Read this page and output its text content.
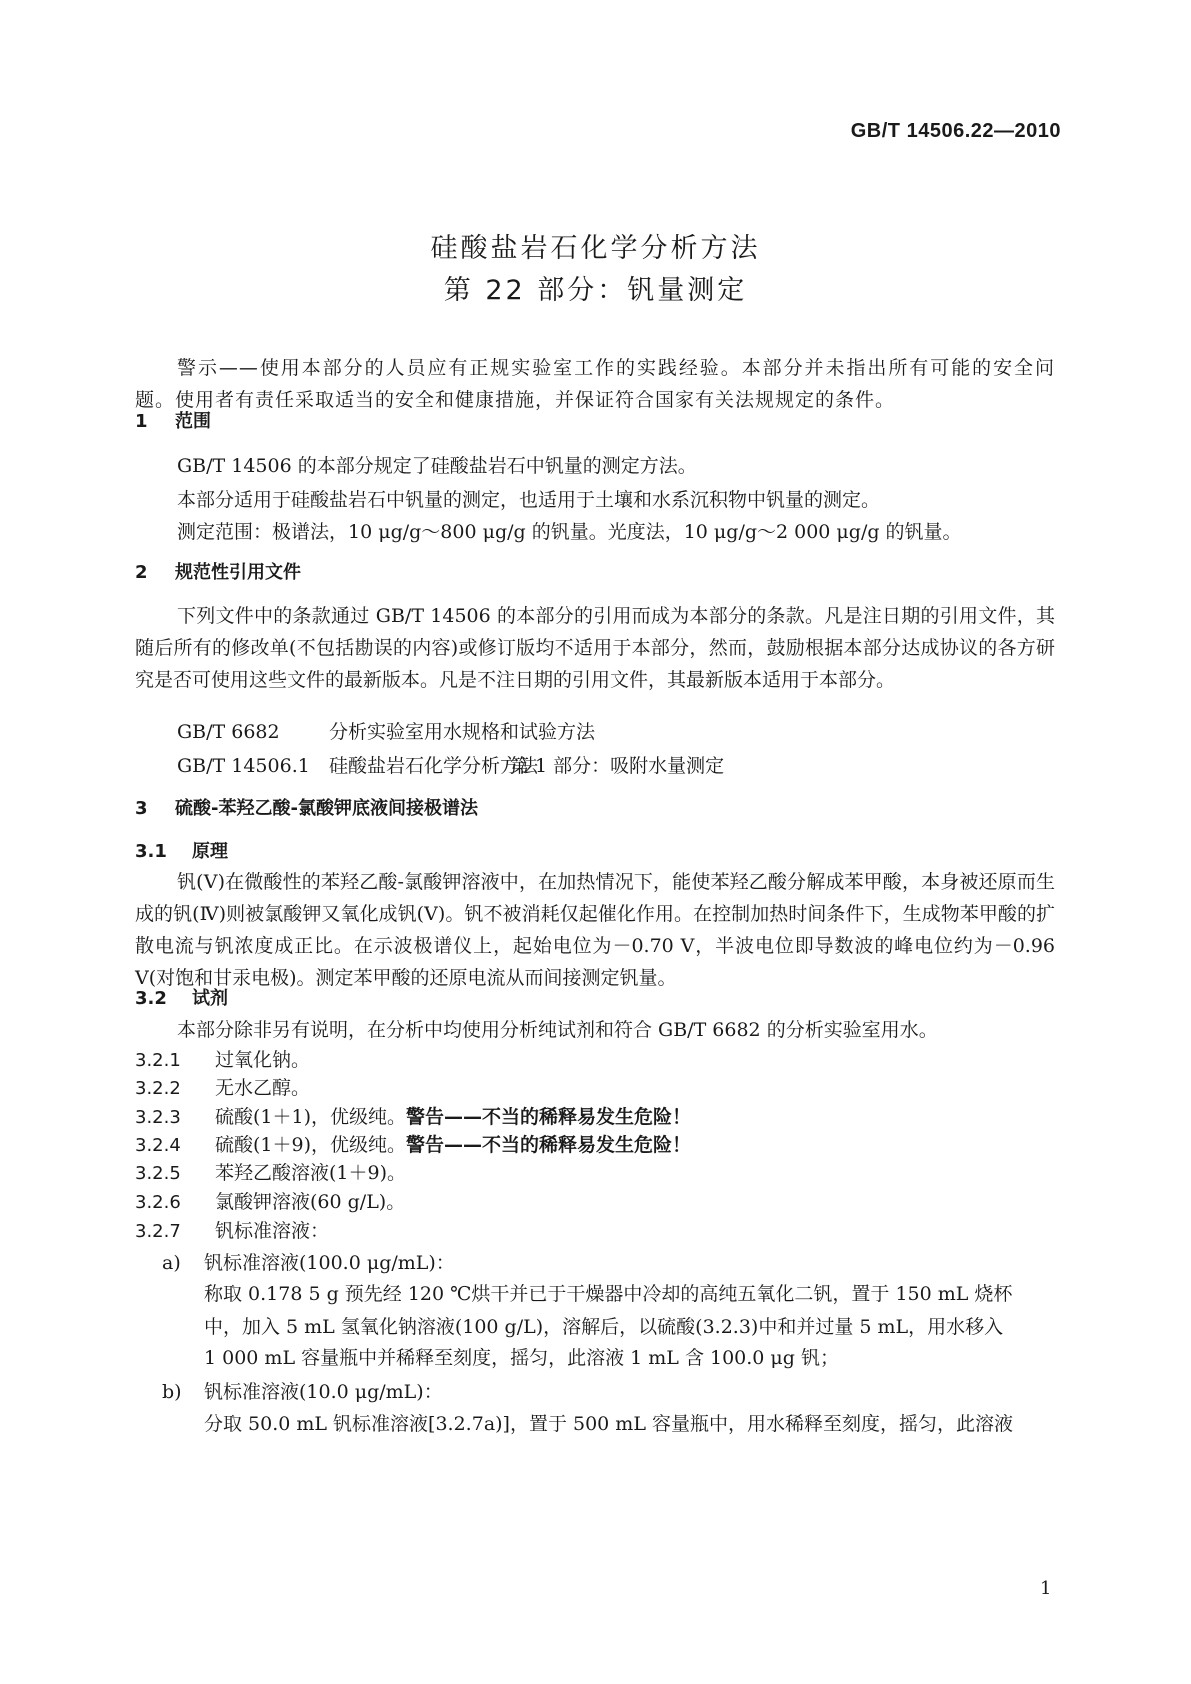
GB/T 14506.22—2010
硅酸盐岩石化学分析方法
第 22 部分：钒量测定
警示——使用本部分的人员应有正规实验室工作的实践经验。本部分并未指出所有可能的安全问题。使用者有责任采取适当的安全和健康措施，并保证符合国家有关法规规定的条件。
1 范围
GB/T 14506 的本部分规定了硅酸盐岩石中钒量的测定方法。
本部分适用于硅酸盐岩石中钒量的测定，也适用于土壤和水系沉积物中钒量的测定。
测定范围：极谱法，10 μg/g～800 μg/g 的钒量。光度法，10 μg/g～2 000 μg/g 的钒量。
2 规范性引用文件
下列文件中的条款通过 GB/T 14506 的本部分的引用而成为本部分的条款。凡是注日期的引用文件，其随后所有的修改单(不包括勘误的内容)或修订版均不适用于本部分，然而，鼓励根据本部分达成协议的各方研究是否可使用这些文件的最新版本。凡是不注日期的引用文件，其最新版本适用于本部分。
GB/T 6682	分析实验室用水规格和试验方法
GB/T 14506.1 硅酸盐岩石化学分析方法第 1 部分：吸附水量测定
3 硫酸-苯羟乙酸-氯酸钾底液间接极谱法
3.1 原理
钒(Ⅴ)在微酸性的苯羟乙酸-氯酸钾溶液中，在加热情况下，能使苯羟乙酸分解成苯甲酸，本身被还原而生成的钒(Ⅳ)则被氯酸钾又氧化成钒(Ⅴ)。钒不被消耗仅起催化作用。在控制加热时间条件下，生成物苯甲酸的扩散电流与钒浓度成正比。在示波极谱仪上，起始电位为－0.70 V，半波电位即导数波的峰电位约为－0.96 V(对饱和甘汞电极)。测定苯甲酸的还原电流从而间接测定钒量。
3.2 试剂
本部分除非另有说明，在分析中均使用分析纯试剂和符合 GB/T 6682 的分析实验室用水。
3.2.1 过氧化钠。
3.2.2 无水乙醇。
3.2.3 硫酸(1＋1)，优级纯。警告——不当的稀释易发生危险！
3.2.4 硫酸(1＋9)，优级纯。警告——不当的稀释易发生危险！
3.2.5 苯羟乙酸溶液(1＋9)。
3.2.6 氯酸钾溶液(60 g/L)。
3.2.7 钒标准溶液：
a) 钒标准溶液(100.0 μg/mL)：
称取 0.178 5 g 预先经 120 ℃烘干并已于干燥器中冷却的高纯五氧化二钒，置于 150 mL 烧杯
中，加入 5 mL 氢氧化钠溶液(100 g/L)，溶解后，以硫酸(3.2.3)中和并过量 5 mL，用水移入
1 000 mL 容量瓶中并稀释至刻度，摇匀，此溶液 1 mL 含 100.0 μg 钒；
b) 钒标准溶液(10.0 μg/mL)：
分取 50.0 mL 钒标准溶液[3.2.7a)]，置于 500 mL 容量瓶中，用水稀释至刻度，摇匀，此溶液
1
